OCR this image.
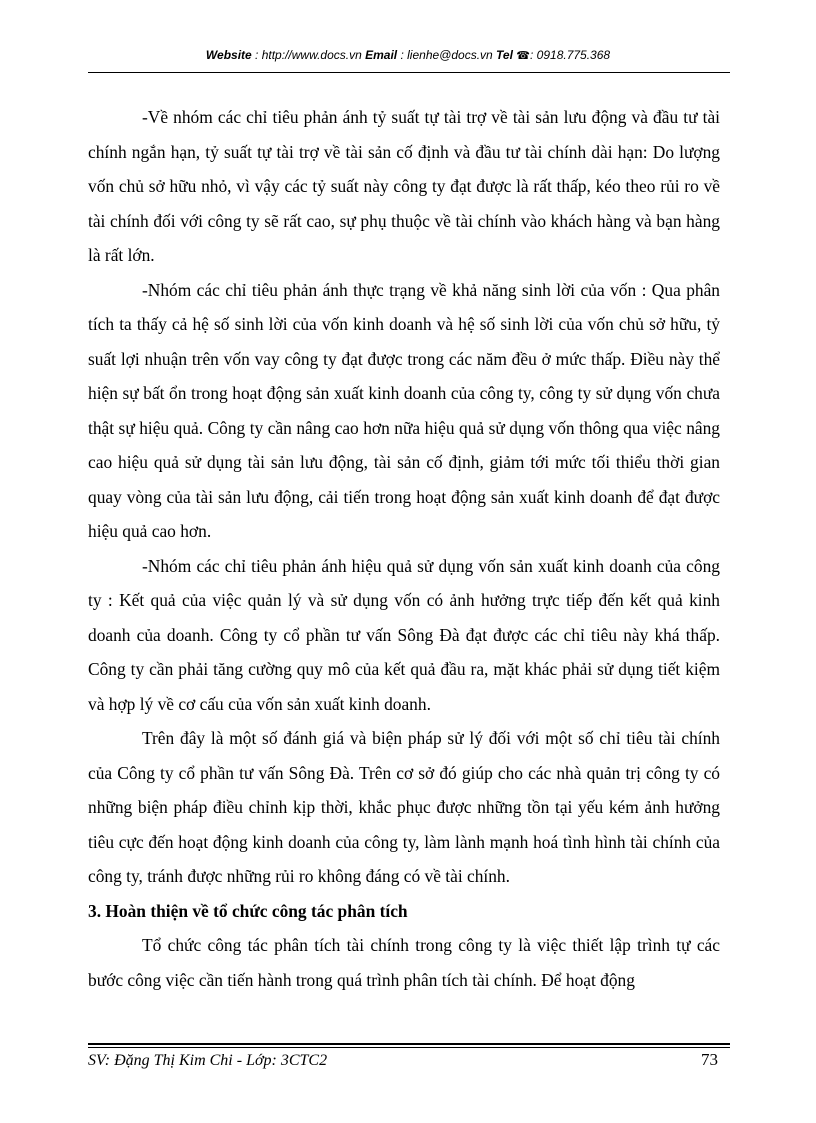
Website : http://www.docs.vn Email : lienhe@docs.vn Tel ☎: 0918.775.368

-Về nhóm các chỉ tiêu phản ánh tỷ suất tự tài trợ về tài sản lưu động và đầu tư tài chính ngắn hạn, tỷ suất tự tài trợ về tài sản cố định và đầu tư tài chính dài hạn: Do lượng vốn chủ sở hữu nhỏ, vì vậy các tỷ suất này công ty đạt được là rất thấp, kéo theo rủi ro về tài chính đối với công ty sẽ rất cao, sự phụ thuộc về tài chính vào khách hàng và bạn hàng là rất lớn.

-Nhóm các chỉ tiêu phản ánh thực trạng về khả năng sinh lời của vốn : Qua phân tích ta thấy cả hệ số sinh lời của vốn kinh doanh và hệ số sinh lời của vốn chủ sở hữu, tỷ suất lợi nhuận trên vốn vay công ty đạt được trong các năm đều ở mức thấp. Điều này thể hiện sự bất ổn trong hoạt động sản xuất kinh doanh của công ty, công ty sử dụng vốn chưa thật sự hiệu quả. Công ty cần nâng cao hơn nữa hiệu quả sử dụng vốn thông qua việc nâng cao hiệu quả sử dụng tài sản lưu động, tài sản cố định, giảm tới mức tối thiểu thời gian quay vòng của tài sản lưu động, cải tiến trong hoạt động sản xuất kinh doanh để đạt được hiệu quả cao hơn.

-Nhóm các chỉ tiêu phản ánh hiệu quả sử dụng vốn sản xuất kinh doanh của công ty : Kết quả của việc quản lý và sử dụng vốn có ảnh hưởng trực tiếp đến kết quả kinh doanh của doanh. Công ty cổ phần tư vấn Sông Đà đạt được các chỉ tiêu này khá thấp. Công ty cần phải tăng cường quy mô của kết quả đầu ra, mặt khác phải sử dụng tiết kiệm và hợp lý về cơ cấu của vốn sản xuất kinh doanh.

Trên đây là một số đánh giá và biện pháp sử lý đối với một số chỉ tiêu tài chính của Công ty cổ phần tư vấn Sông Đà. Trên cơ sở đó giúp cho các nhà quản trị công ty có những biện pháp điều chỉnh kịp thời, khắc phục được những tồn tại yếu kém ảnh hưởng tiêu cực đến hoạt động kinh doanh của công ty, làm lành mạnh hoá tình hình tài chính của công ty, tránh được những rủi ro không đáng có về tài chính.

3. Hoàn thiện về tổ chức công tác phân tích

Tổ chức công tác phân tích tài chính trong công ty là việc thiết lập trình tự các bước công việc cần tiến hành trong quá trình phân tích tài chính. Để hoạt động

SV: Đặng Thị Kim Chi - Lớp: 3CTC2	73
